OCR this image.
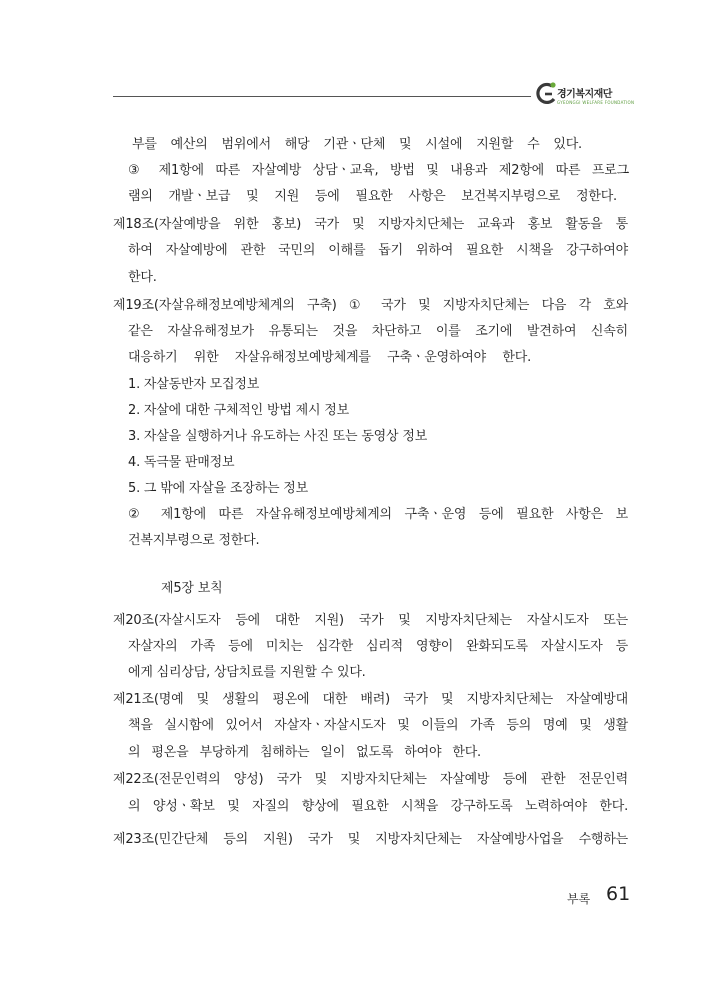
경기복지재단
GYEONGGI WELFARE FOUNDATION
부를 예산의 범위에서 해당 기관ㆍ단체 및 시설에 지원할 수 있다.
③ 제1항에 따른 자살예방 상담ㆍ교육, 방법 및 내용과 제2항에 따른 프로그
램의 개발ㆍ보급 및 지원 등에 필요한 사항은 보건복지부령으로 정한다.
제18조(자살예방을 위한 홍보) 국가 및 지방자치단체는 교육과 홍보 활동을 통
하여 자살예방에 관한 국민의 이해를 돕기 위하여 필요한 시책을 강구하여야
한다.
제19조(자살유해정보예방체계의 구축) ① 국가 및 지방자치단체는 다음 각 호와
같은 자살유해정보가 유통되는 것을 차단하고 이를 조기에 발견하여 신속히
대응하기 위한 자살유해정보예방체계를 구축ㆍ운영하여야 한다.
1. 자살동반자 모집정보
2. 자살에 대한 구체적인 방법 제시 정보
3. 자살을 실행하거나 유도하는 사진 또는 동영상 정보
4. 독극물 판매정보
5. 그 밖에 자살을 조장하는 정보
② 제1항에 따른 자살유해정보예방체계의 구축ㆍ운영 등에 필요한 사항은 보
건복지부령으로 정한다.
제5장 보칙
제20조(자살시도자 등에 대한 지원) 국가 및 지방자치단체는 자살시도자 또는
자살자의 가족 등에 미치는 심각한 심리적 영향이 완화되도록 자살시도자 등
에게 심리상담, 상담치료를 지원할 수 있다.
제21조(명예 및 생활의 평온에 대한 배려) 국가 및 지방자치단체는 자살예방대
책을 실시함에 있어서 자살자ㆍ자살시도자 및 이들의 가족 등의 명예 및 생활
의 평온을 부당하게 침해하는 일이 없도록 하여야 한다.
제22조(전문인력의 양성) 국가 및 지방자치단체는 자살예방 등에 관한 전문인력
의 양성ㆍ확보 및 자질의 향상에 필요한 시책을 강구하도록 노력하여야 한다.
제23조(민간단체 등의 지원) 국가 및 지방자치단체는 자살예방사업을 수행하는
부록 61
